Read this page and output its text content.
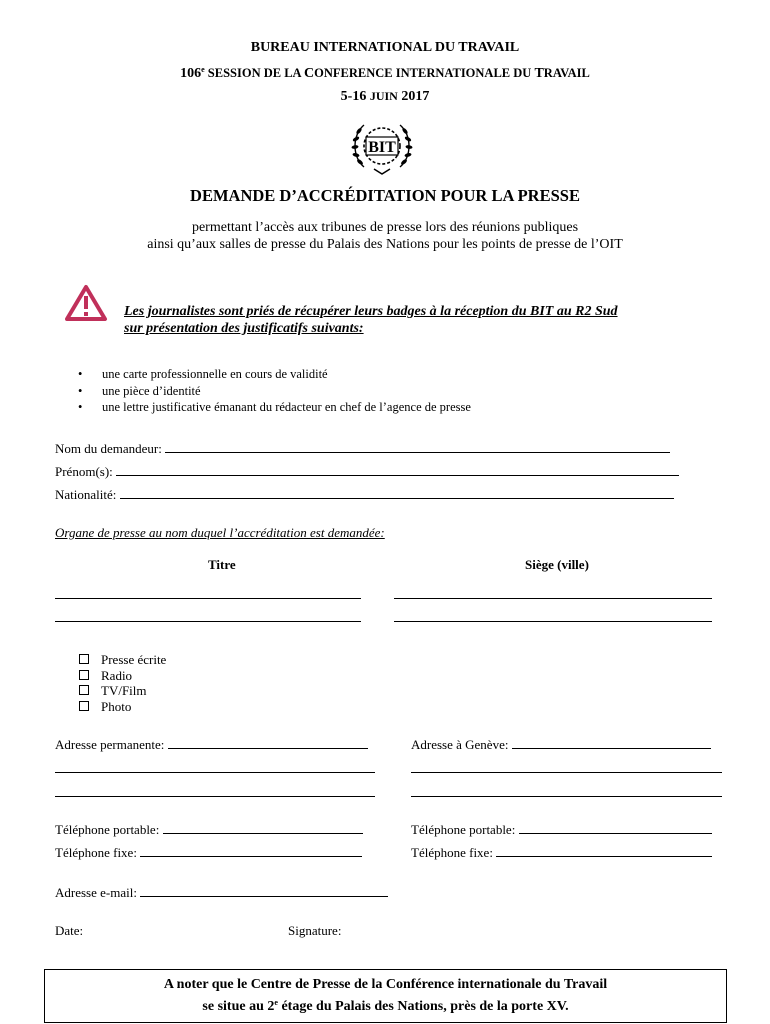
BUREAU INTERNATIONAL DU TRAVAIL
106e SESSION DE LA CONFERENCE INTERNATIONALE DU TRAVAIL
5-16 JUIN 2017
BIT
DEMANDE D’ACCRÉDITATION POUR LA PRESSE
permettant l’accès aux tribunes de presse lors des réunions publiques
ainsi qu’aux salles de presse du Palais des Nations pour les points de presse de l’OIT
Les journalistes sont priés de récupérer leurs badges à la réception du BIT au R2 Sud
sur présentation des justificatifs suivants:
• une carte professionnelle en cours de validité
• une pièce d’identité
• une lettre justificative émanant du rédacteur en chef de l’agence de presse
Nom du demandeur:
Prénom(s):
Nationalité:
Organe de presse au nom duquel l’accréditation est demandée:
Titre	Siège (ville)
Presse écrite
Radio
TV/Film
Photo
Adresse permanente:	Adresse à Genève:
Téléphone portable:	Téléphone portable:
Téléphone fixe:	Téléphone fixe:
Adresse e-mail:
Date:	Signature:
A noter que le Centre de Presse de la Conférence internationale du Travail
se situe au 2e étage du Palais des Nations, près de la porte XV.
